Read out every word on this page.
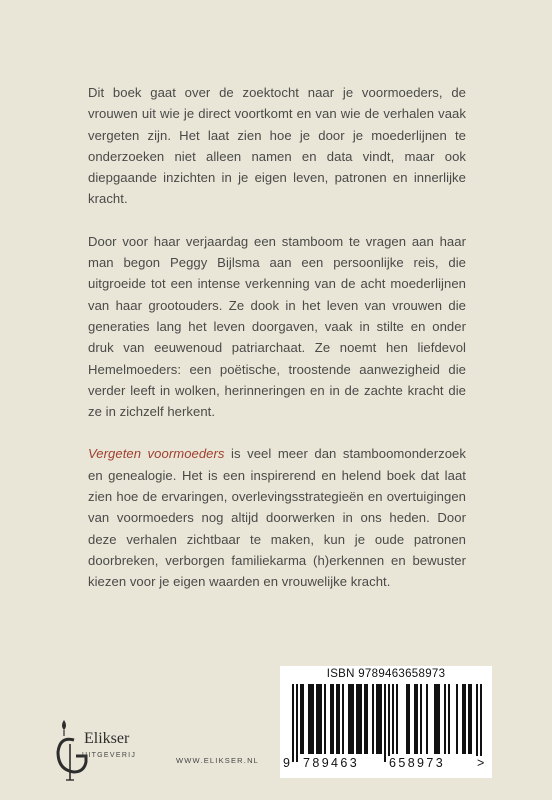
Dit boek gaat over de zoektocht naar je voormoeders, de vrouwen uit wie je direct voortkomt en van wie de verhalen vaak vergeten zijn. Het laat zien hoe je door je moederlijnen te onderzoeken niet alleen namen en data vindt, maar ook diepgaande inzichten in je eigen leven, patronen en innerlijke kracht.

Door voor haar verjaardag een stamboom te vragen aan haar man begon Peggy Bijlsma aan een persoonlijke reis, die uitgroeide tot een intense verkenning van de acht moederlijnen van haar grootouders. Ze dook in het leven van vrouwen die generaties lang het leven doorgaven, vaak in stilte en onder druk van eeuwenoud patriarchaat. Ze noemt hen liefdevol Hemelmoeders: een poëtische, troostende aanwezigheid die verder leeft in wolken, herinneringen en in de zachte kracht die ze in zichzelf herkent.

Vergeten voormoeders is veel meer dan stamboomonderzoek en genealogie. Het is een inspirerend en helend boek dat laat zien hoe de ervaringen, overlevingsstrategieën en overtuigingen van voormoeders nog altijd doorwerken in ons heden. Door deze verhalen zichtbaar te maken, kun je oude patronen doorbreken, verborgen familiekarma (h)erkennen en bewuster kiezen voor je eigen waarden en vrouwelijke kracht.

Elikser
UITGEVERIJ
WWW.ELIKSER.NL
ISBN 9789463658973
9 789463 658973	>
